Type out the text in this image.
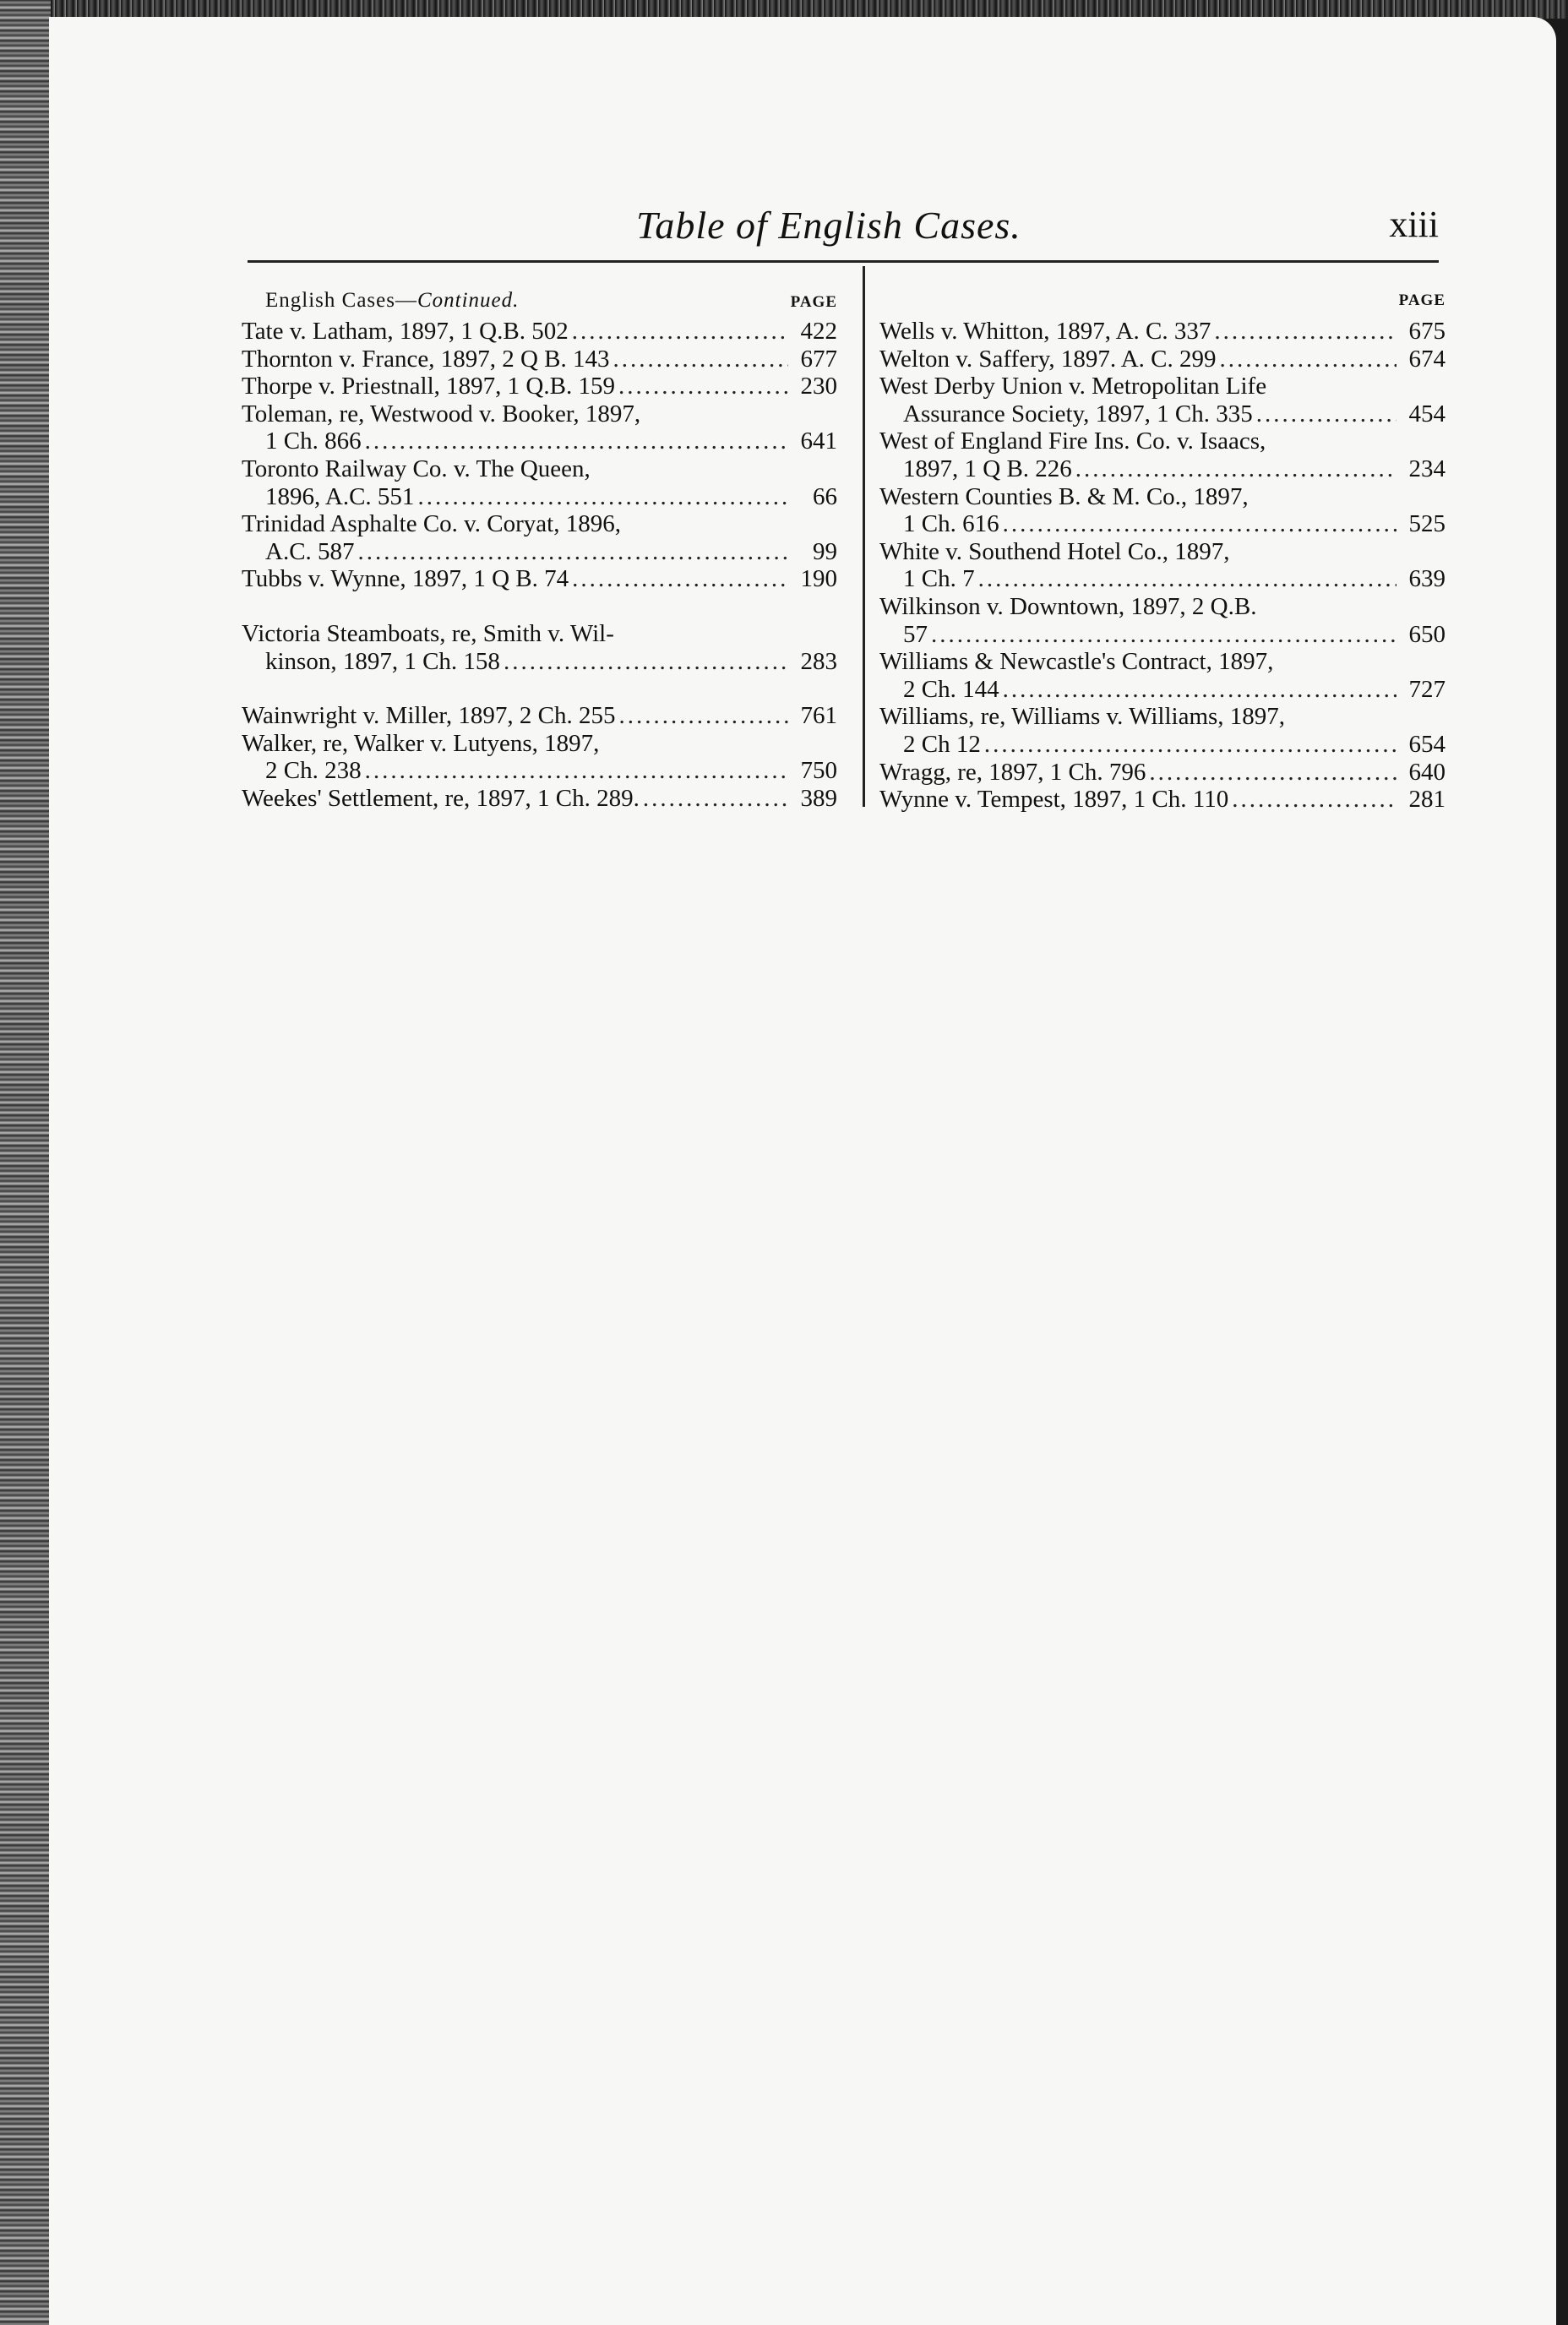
Table of English Cases.	xiii
English Cases—Continued.	PAGE
Tate v. Latham, 1897, 1 Q.B. 502 .....	422
Thornton v. France, 1897, 2 Q B. 143 .....	677
Thorpe v. Priestnall, 1897, 1 Q.B. 159 .....	230
Toleman, re, Westwood v. Booker, 1897,
1 Ch. 866 .....	641
Toronto Railway Co. v. The Queen,
1896, A.C. 551 .....	66
Trinidad Asphalte Co. v. Coryat, 1896,
A.C. 587 .....	99
Tubbs v. Wynne, 1897, 1 Q B. 74 .....	190
Victoria Steamboats, re, Smith v. Wil-
kinson, 1897, 1 Ch. 158 .....	283
Wainwright v. Miller, 1897, 2 Ch. 255 .....	761
Walker, re, Walker v. Lutyens, 1897,
2 Ch. 238 .....	750
Weekes' Settlement, re, 1897, 1 Ch. 289. .....	389
PAGE
Wells v. Whitton, 1897, A. C. 337 .....	675
Welton v. Saffery, 1897. A. C. 299 .....	674
West Derby Union v. Metropolitan Life
Assurance Society, 1897, 1 Ch. 335 .....	454
West of England Fire Ins. Co. v. Isaacs,
1897, 1 Q B. 226 .....	234
Western Counties B. & M. Co., 1897,
1 Ch. 616 .....	525
White v. Southend Hotel Co., 1897,
1 Ch. 7 .....	639
Wilkinson v. Downtown, 1897, 2 Q.B.
57 .....	650
Williams & Newcastle's Contract, 1897,
2 Ch. 144 .....	727
Williams, re, Williams v. Williams, 1897,
2 Ch 12 .....	654
Wragg, re, 1897, 1 Ch. 796 .....	640
Wynne v. Tempest, 1897, 1 Ch. 110 .....	281
